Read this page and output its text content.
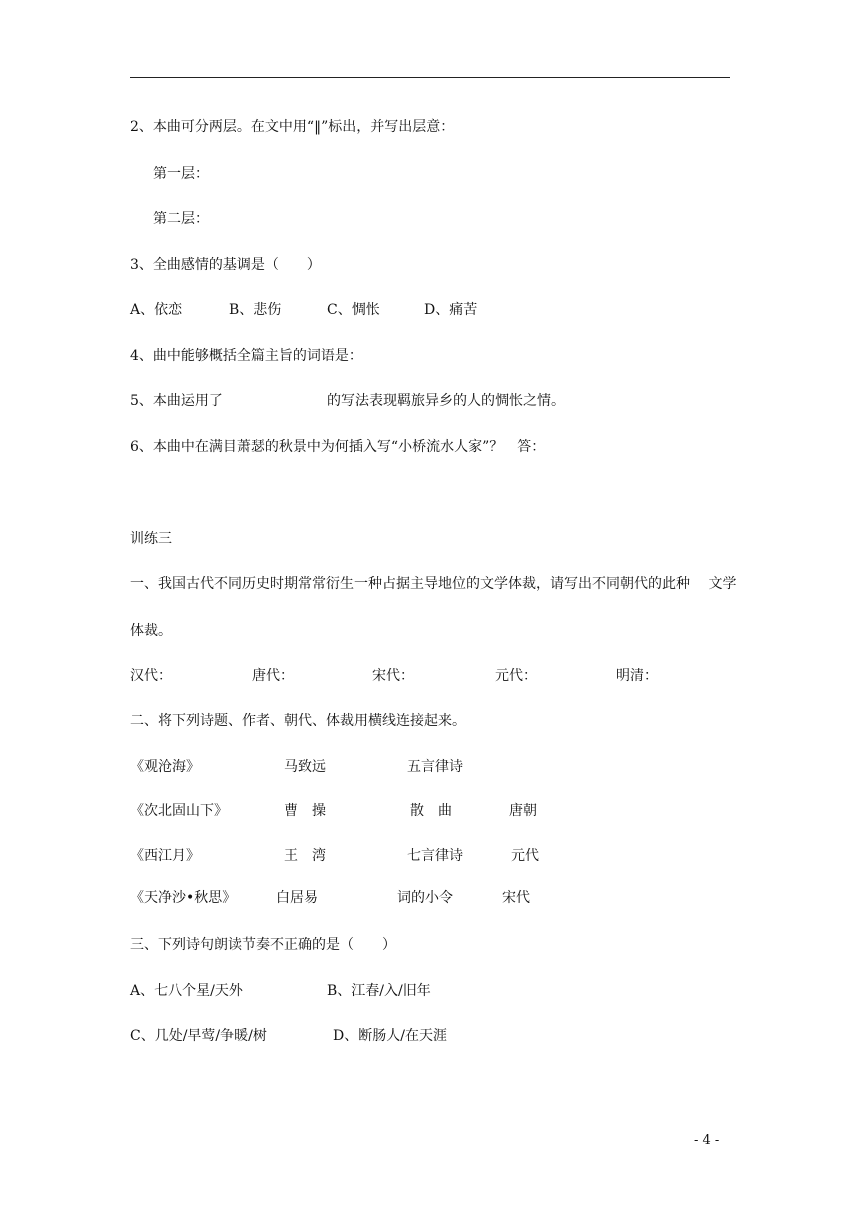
2、本曲可分两层。在文中用“‖”标出，并写出层意：
第一层：
第二层：
3、全曲感情的基调是（　　）
A、依恋	B、悲伤	C、惆怅	D、痛苦
4、曲中能够概括全篇主旨的词语是：
5、本曲运用了	的写法表现羁旅异乡的人的惆怅之情。
6、本曲中在满目萧瑟的秋景中为何插入写“小桥流水人家”？　答：
训练三
一、我国古代不同历史时期常常衍生一种占据主导地位的文学体裁，请写出不同朝代的此种　 文学
体裁。
汉代：	唐代：	宋代：	元代：	明清：
二、将下列诗题、作者、朝代、体裁用横线连接起来。
《观沧海》	马致远	五言律诗
《次北固山下》	曹　操	散　曲	唐朝
《西江月》	王　湾	七言律诗	元代
《天净沙•秋思》	白居易	词的小令	宋代
三、下列诗句朗读节奏不正确的是（　　）
A、七八个星/天外	B、江春/入/旧年
C、几处/早莺/争暖/树	D、断肠人/在天涯
- 4 -
